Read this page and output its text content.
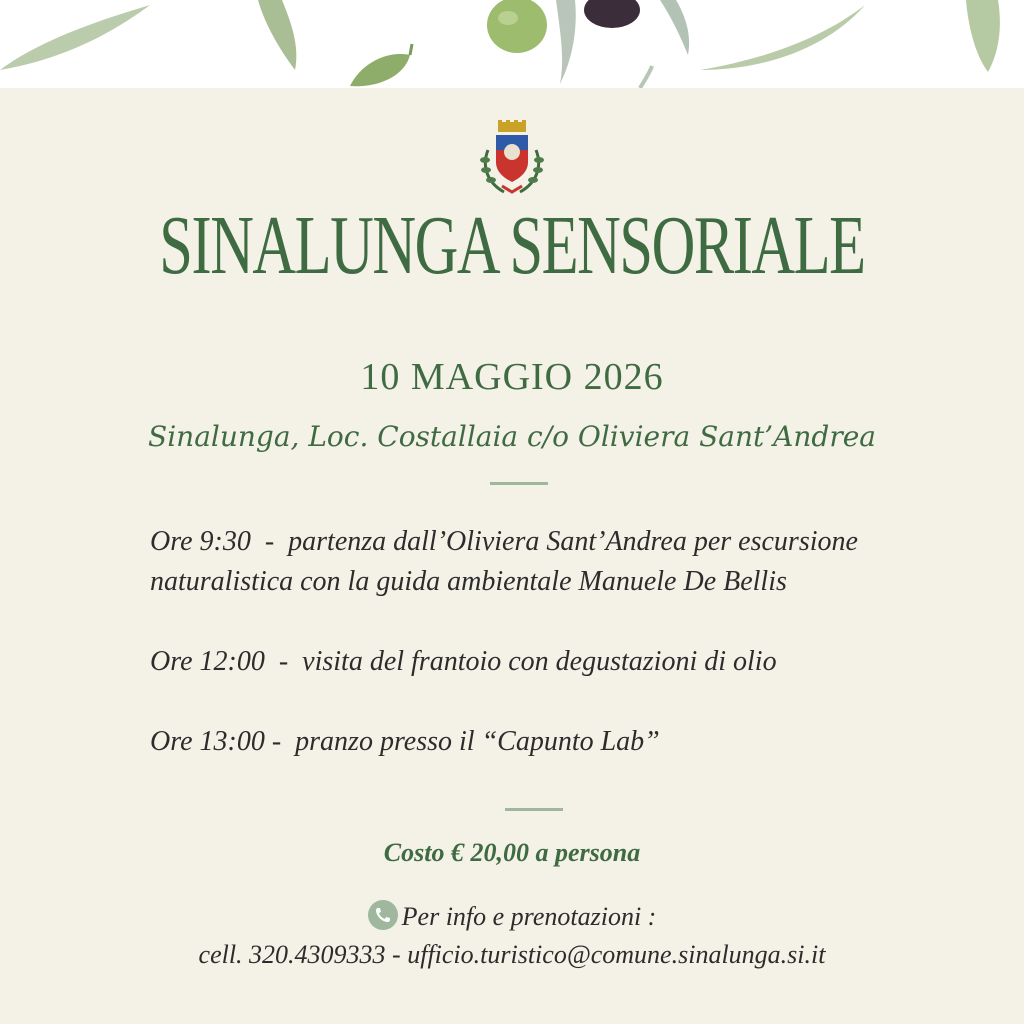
SINALUNGA SENSORIALE
10 MAGGIO 2026
Sinalunga, Loc. Costallaia c/o Oliviera Sant’Andrea
Ore 9:30  -  partenza dall’Oliviera Sant’Andrea per escursione
naturalistica con la guida ambientale Manuele De Bellis
Ore 12:00  -  visita del frantoio con degustazioni di olio
Ore 13:00 -  pranzo presso il “Capunto Lab”
Costo € 20,00 a persona
Per info e prenotazioni :
cell. 320.4309333 - ufficio.turistico@comune.sinalunga.si.it
